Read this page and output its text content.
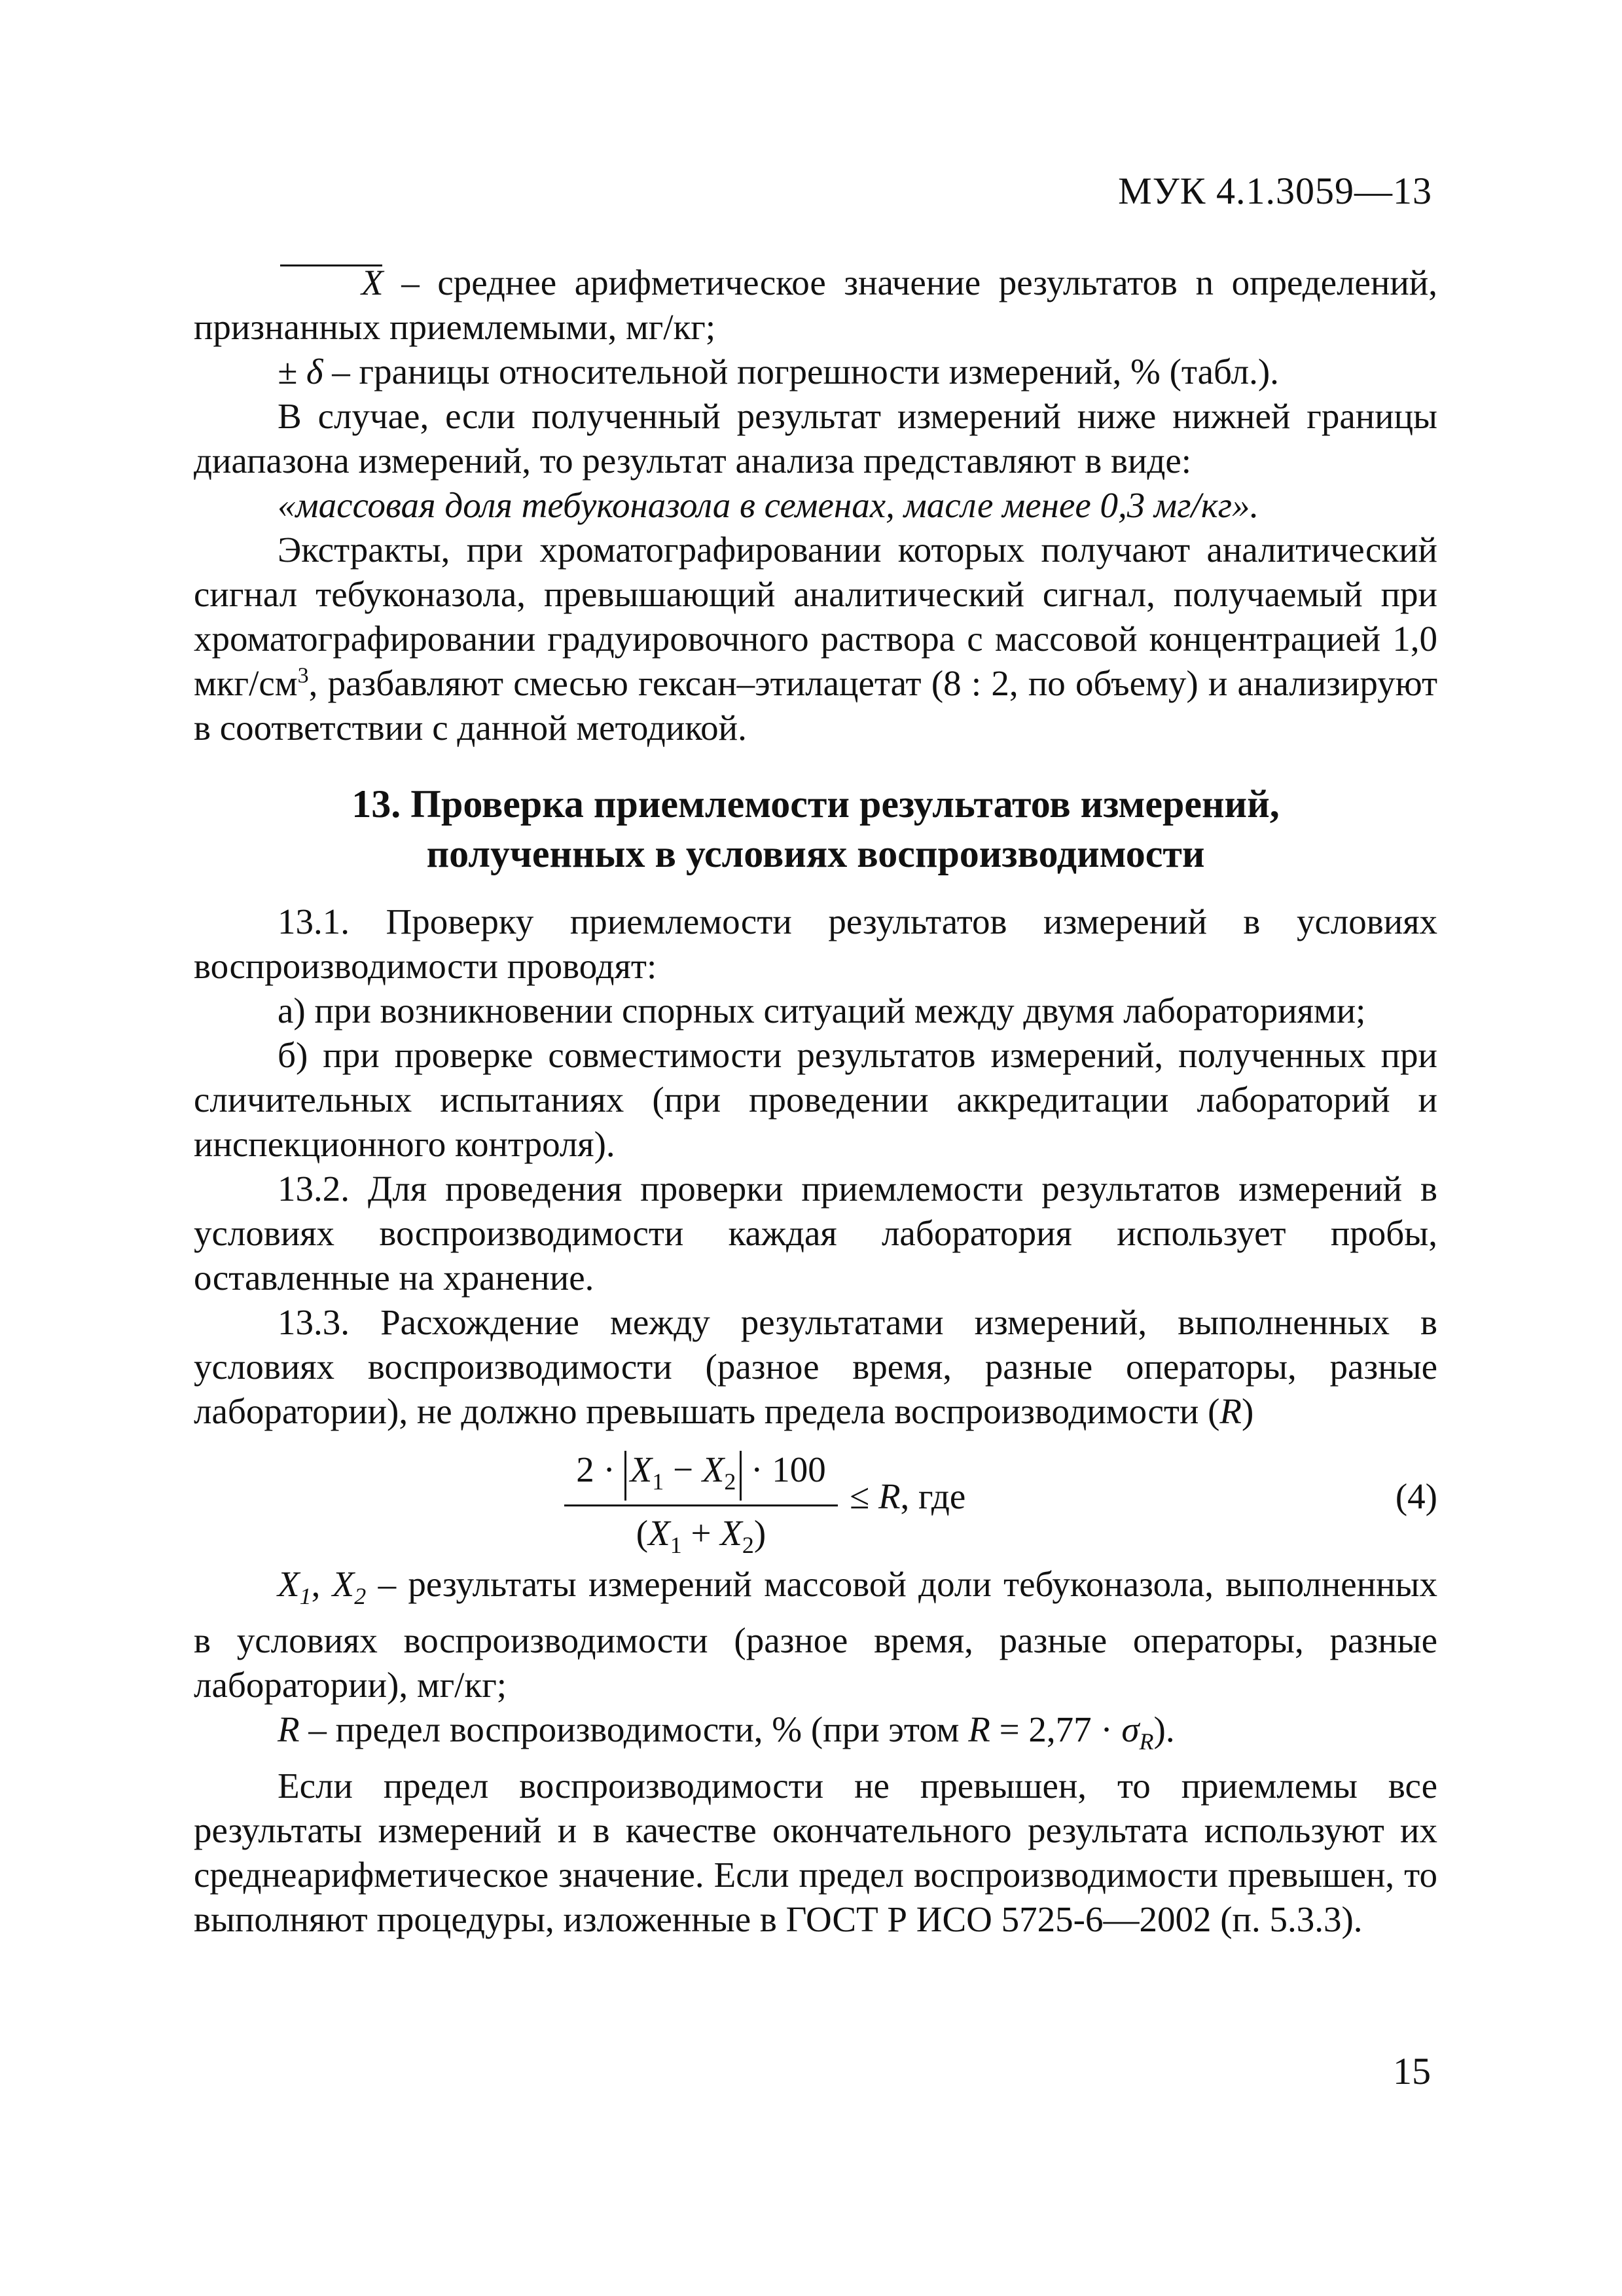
МУК 4.1.3059—13

X – среднее арифметическое значение результатов n определений, признанных приемлемыми, мг/кг;

± δ – границы относительной погрешности измерений, % (табл.).

В случае, если полученный результат измерений ниже нижней границы диапазона измерений, то результат анализа представляют в виде:

«массовая доля тебуконазола в семенах, масле менее 0,3 мг/кг».

Экстракты, при хроматографировании которых получают аналитический сигнал тебуконазола, превышающий аналитический сигнал, получаемый при хроматографировании градуировочного раствора с массовой концентрацией 1,0 мкг/$см^3$, разбавляют смесью гексан–этилацетат (8 : 2, по объему) и анализируют в соответствии с данной методикой.

13. Проверка приемлемости результатов измерений,
полученных в условиях воспроизводимости

13.1. Проверку приемлемости результатов измерений в условиях воспроизводимости проводят:

а) при возникновении спорных ситуаций между двумя лабораториями;

б) при проверке совместимости результатов измерений, полученных при сличительных испытаниях (при проведении аккредитации лабораторий и инспекционного контроля).

13.2. Для проведения проверки приемлемости результатов измерений в условиях воспроизводимости каждая лаборатория использует пробы, оставленные на хранение.

13.3. Расхождение между результатами измерений, выполненных в условиях воспроизводимости (разное время, разные операторы, разные лаборатории), не должно превышать предела воспроизводимости (R)

$2 \cdot X_1 - X_2 \cdot 100$
$(X_1 + X_2)$
≤ R, где	(4)

$X_1$, $X_2$ – результаты измерений массовой доли тебуконазола, выполненных в условиях воспроизводимости (разное время, разные операторы, разные лаборатории), мг/кг;

R – предел воспроизводимости, % (при этом $R = 2,77 \cdot \sigma_R$).

Если предел воспроизводимости не превышен, то приемлемы все результаты измерений и в качестве окончательного результата используют их среднеарифметическое значение. Если предел воспроизводимости превышен, то выполняют процедуры, изложенные в ГОСТ Р ИСО 5725-6—2002 (п. 5.3.3).

15
